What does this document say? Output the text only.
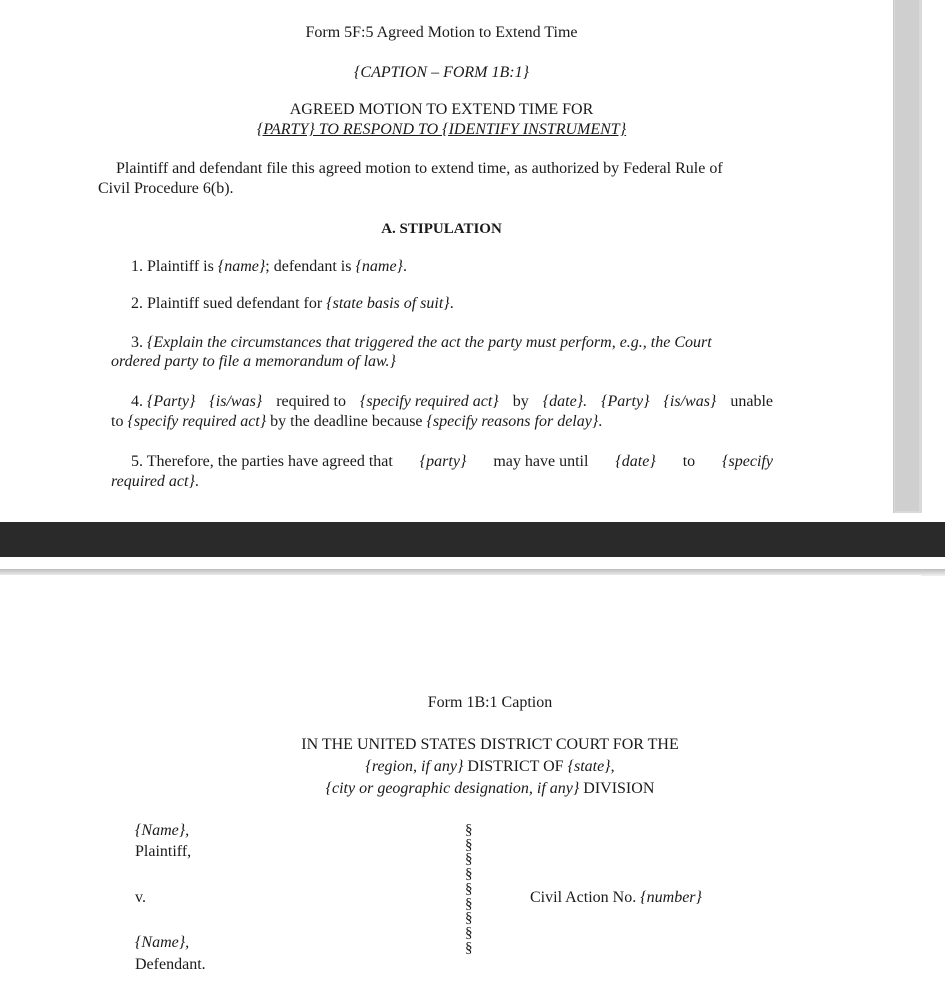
Form 5F:5 Agreed Motion to Extend Time
{CAPTION – FORM 1B:1}
AGREED MOTION TO EXTEND TIME FOR
{PARTY} TO RESPOND TO {IDENTIFY INSTRUMENT}
Plaintiff and defendant file this agreed motion to extend time, as authorized by Federal Rule of
Civil Procedure 6(b).
A. STIPULATION
1. Plaintiff is {name}; defendant is {name}.
2. Plaintiff sued defendant for {state basis of suit}.
3. {Explain the circumstances that triggered the act the party must perform, e.g., the Court
ordered party to file a memorandum of law.}
4. {Party} {is/was} required to {specify required act} by {date}. {Party} {is/was} unable
to {specify required act} by the deadline because {specify reasons for delay}.
5. Therefore, the parties have agreed that {party} may have until {date} to {specify
required act}.
Form 1B:1 Caption
IN THE UNITED STATES DISTRICT COURT FOR THE
{region, if any} DISTRICT OF {state},
{city or geographic designation, if any} DIVISION
{Name},
Plaintiff,
v.
{Name},
Defendant.
§
§
§
§
§
§
§
§
§
Civil Action No. {number}
